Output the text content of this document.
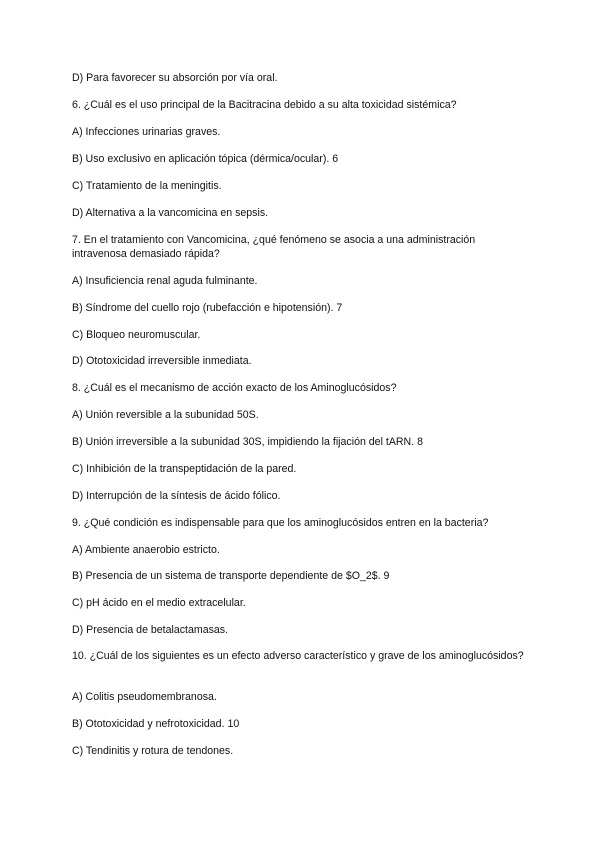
D) Para favorecer su absorción por vía oral.
6. ¿Cuál es el uso principal de la Bacitracina debido a su alta toxicidad sistémica?
A) Infecciones urinarias graves.
B) Uso exclusivo en aplicación tópica (dérmica/ocular). 6
C) Tratamiento de la meningitis.
D) Alternativa a la vancomicina en sepsis.
7. En el tratamiento con Vancomicina, ¿qué fenómeno se asocia a una administración intravenosa demasiado rápida?
A) Insuficiencia renal aguda fulminante.
B) Síndrome del cuello rojo (rubefacción e hipotensión). 7
C) Bloqueo neuromuscular.
D) Ototoxicidad irreversible inmediata.
8. ¿Cuál es el mecanismo de acción exacto de los Aminoglucósidos?
A) Unión reversible a la subunidad 50S.
B) Unión irreversible a la subunidad 30S, impidiendo la fijación del tARN. 8
C) Inhibición de la transpeptidación de la pared.
D) Interrupción de la síntesis de ácido fólico.
9. ¿Qué condición es indispensable para que los aminoglucósidos entren en la bacteria?
A) Ambiente anaerobio estricto.
B) Presencia de un sistema de transporte dependiente de $O_2$. 9
C) pH ácido en el medio extracelular.
D) Presencia de betalactamasas.
10. ¿Cuál de los siguientes es un efecto adverso característico y grave de los aminoglucósidos?
A) Colitis pseudomembranosa.
B) Ototoxicidad y nefrotoxicidad. 10
C) Tendinitis y rotura de tendones.
